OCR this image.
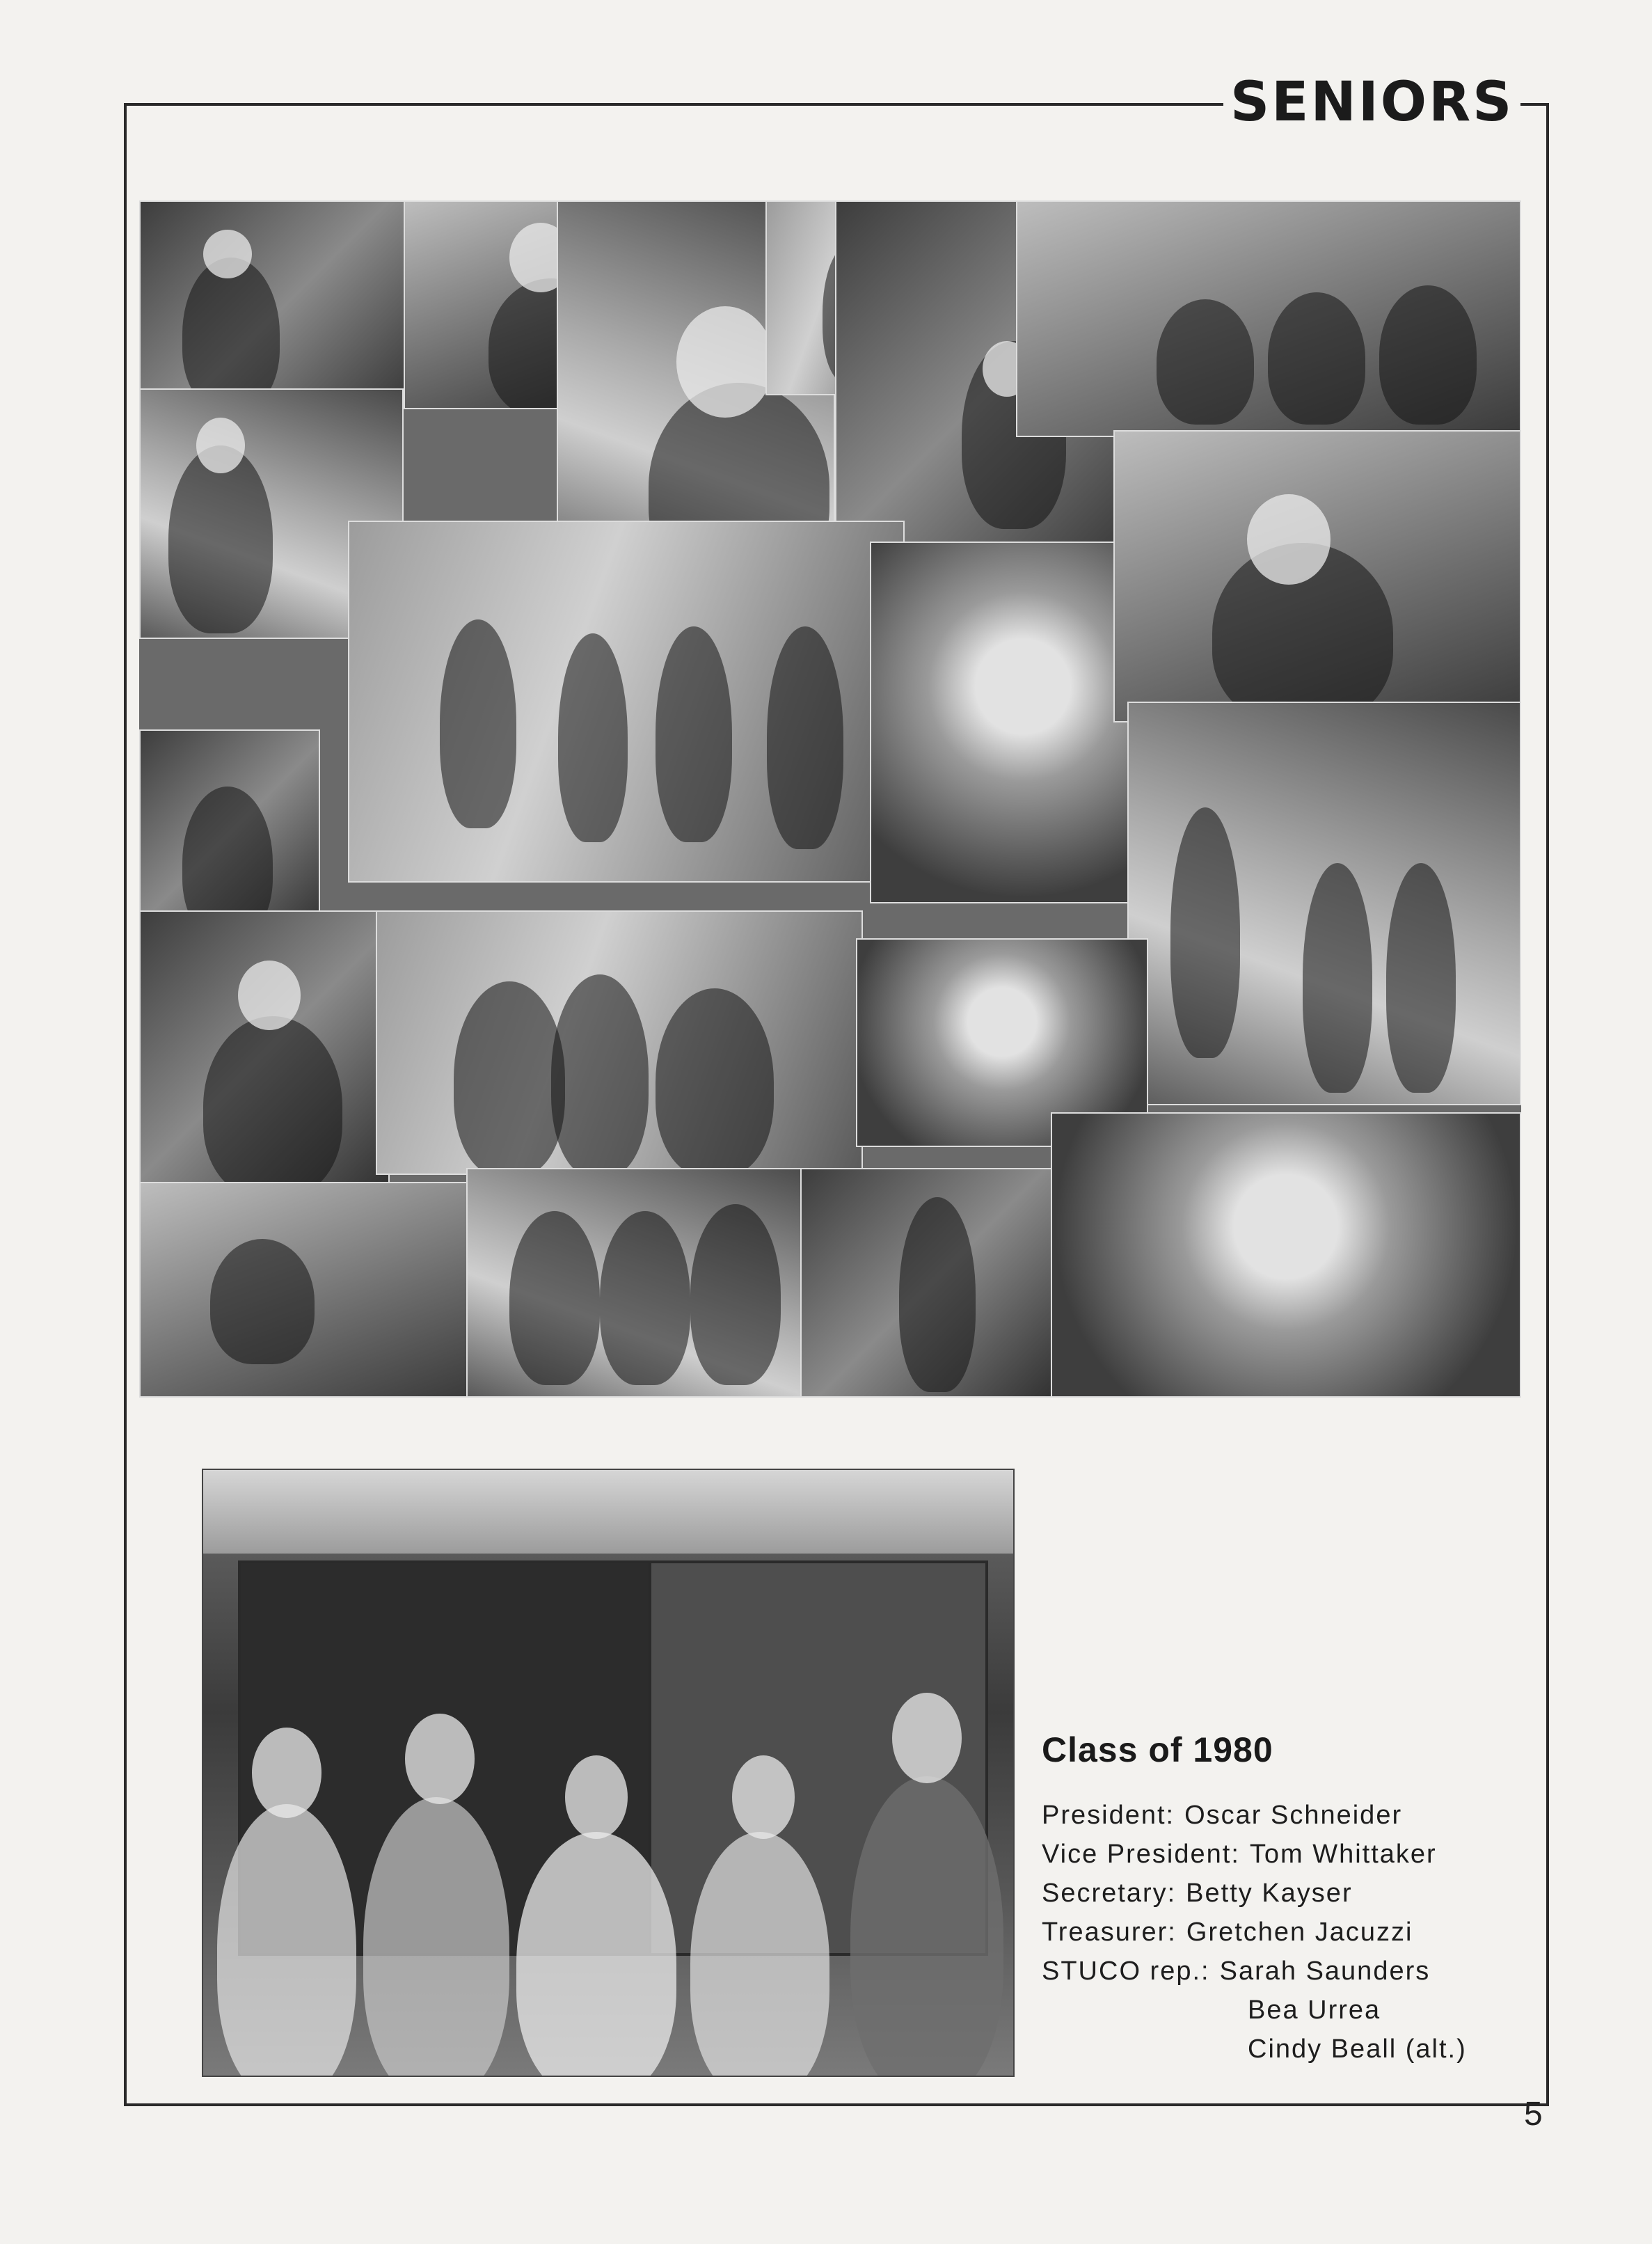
SENIORS
Class of 1980
President: Oscar Schneider
Vice President: Tom Whittaker
Secretary: Betty Kayser
Treasurer: Gretchen Jacuzzi
STUCO rep.: Sarah Saunders
Bea Urrea
Cindy Beall (alt.)
5
